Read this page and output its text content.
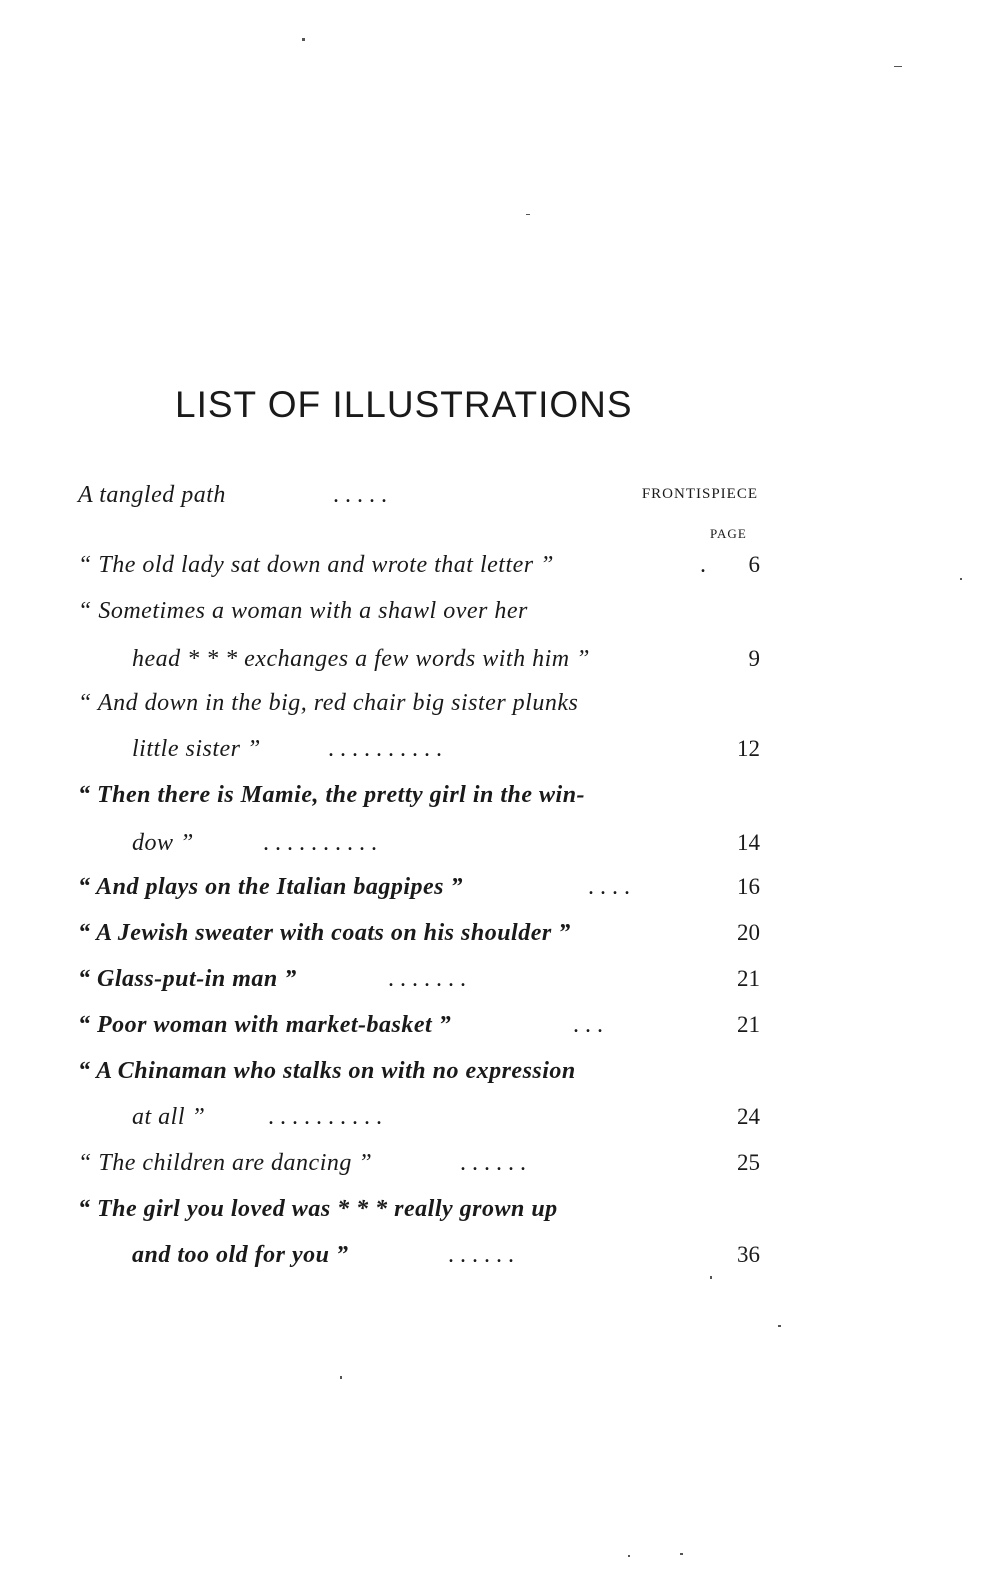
LIST OF ILLUSTRATIONS
A tangled path	. . . . .	FRONTISPIECE
PAGE
“ The old lady sat down and wrote that letter ”	. 6
“ Sometimes a woman with a shawl over her
head * * * exchanges a few words with him ”	9
“ And down in the big, red chair big sister plunks
little sister ”	. . . . . . . . . .	12
“ Then there is Mamie, the pretty girl in the win-
dow ”	. . . . . . . . . .	14
“ And plays on the Italian bagpipes ”	. . . .	16
“ A Jewish sweater with coats on his shoulder ”	20
“ Glass-put-in man ”	. . . . . . .	21
“ Poor woman with market-basket ”	. . .	21
“ A Chinaman who stalks on with no expression
at all ”	. . . . . . . . . .	24
“ The children are dancing ”	. . . . . .	25
“ The girl you loved was * * * really grown up
and too old for you ”	. . . . . .	36
